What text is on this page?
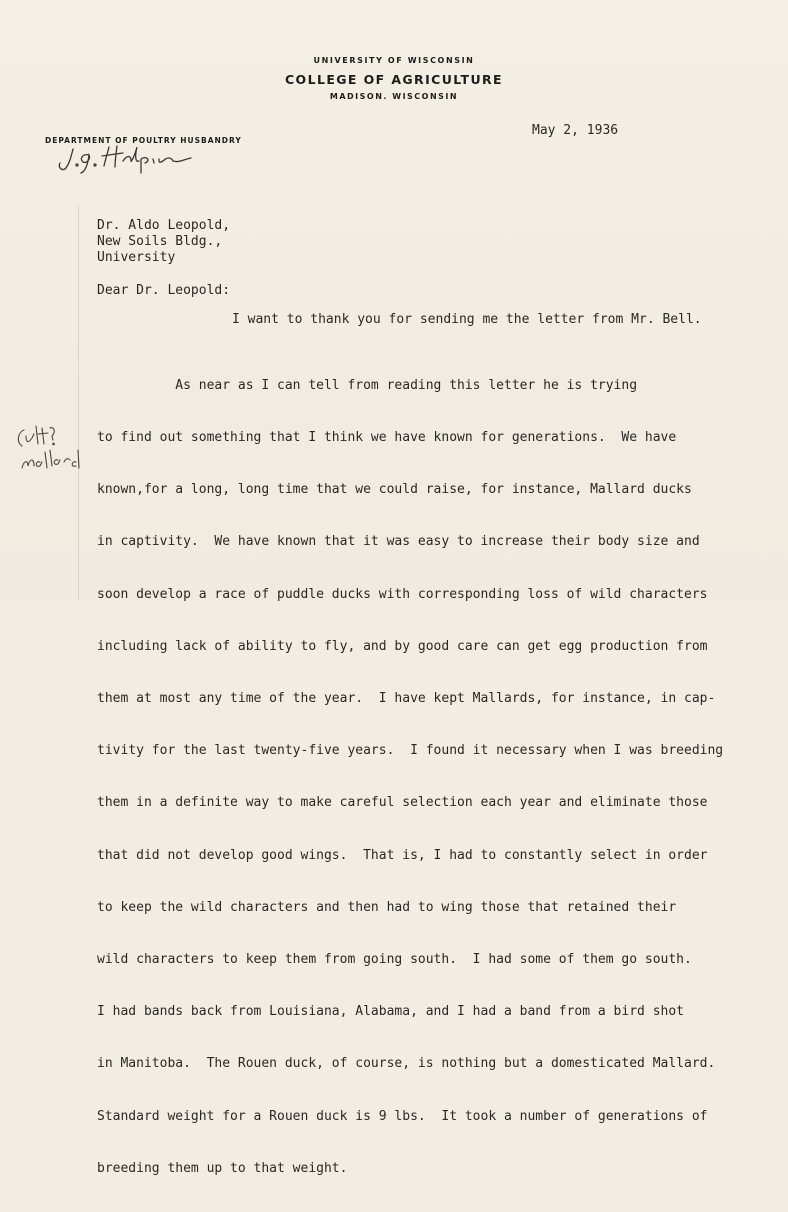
UNIVERSITY OF WISCONSIN
COLLEGE OF AGRICULTURE
MADISON. WISCONSIN
DEPARTMENT OF POULTRY HUSBANDRY
May 2, 1936
Dr. Aldo Leopold,
New Soils Bldg.,
University
Dear Dr. Leopold:
I want to thank you for sending me the letter from Mr. Bell.

As near as I can tell from reading this letter he is trying

to find out something that I think we have known for generations.  We have

known,for a long, long time that we could raise, for instance, Mallard ducks

in captivity.  We have known that it was easy to increase their body size and

soon develop a race of puddle ducks with corresponding loss of wild characters

including lack of ability to fly, and by good care can get egg production from

them at most any time of the year.  I have kept Mallards, for instance, in cap-

tivity for the last twenty-five years.  I found it necessary when I was breeding

them in a definite way to make careful selection each year and eliminate those

that did not develop good wings.  That is, I had to constantly select in order

to keep the wild characters and then had to wing those that retained their

wild characters to keep them from going south.  I had some of them go south.

I had bands back from Louisiana, Alabama, and I had a band from a bird shot

in Manitoba.  The Rouen duck, of course, is nothing but a domesticated Mallard.

Standard weight for a Rouen duck is 9 lbs.  It took a number of generations of

breeding them up to that weight.
